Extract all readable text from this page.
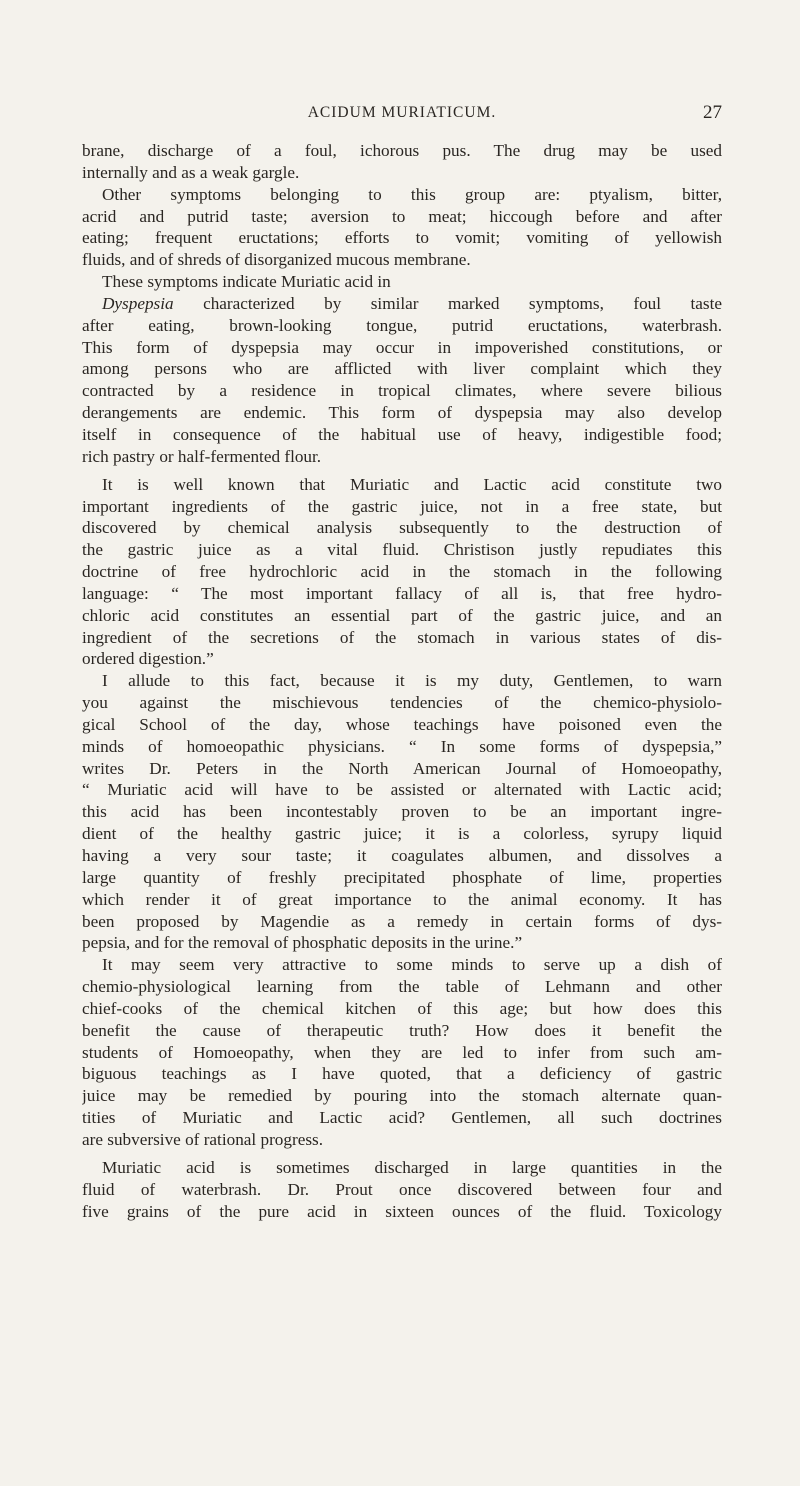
ACIDUM MURIATICUM.	27
brane, discharge of a foul, ichorous pus. The drug may be used
internally and as a weak gargle.
Other symptoms belonging to this group are: ptyalism, bitter,
acrid and putrid taste; aversion to meat; hiccough before and after
eating; frequent eructations; efforts to vomit; vomiting of yellowish
fluids, and of shreds of disorganized mucous membrane.
These symptoms indicate Muriatic acid in
Dyspepsia characterized by similar marked symptoms, foul taste
after eating, brown-looking tongue, putrid eructations, waterbrash.
This form of dyspepsia may occur in impoverished constitutions, or
among persons who are afflicted with liver complaint which they
contracted by a residence in tropical climates, where severe bilious
derangements are endemic. This form of dyspepsia may also develop
itself in consequence of the habitual use of heavy, indigestible food;
rich pastry or half-fermented flour.
It is well known that Muriatic and Lactic acid constitute two
important ingredients of the gastric juice, not in a free state, but
discovered by chemical analysis subsequently to the destruction of
the gastric juice as a vital fluid. Christison justly repudiates this
doctrine of free hydrochloric acid in the stomach in the following
language: “ The most important fallacy of all is, that free hydro-
chloric acid constitutes an essential part of the gastric juice, and an
ingredient of the secretions of the stomach in various states of dis-
ordered digestion.”
I allude to this fact, because it is my duty, Gentlemen, to warn
you against the mischievous tendencies of the chemico-physiolo-
gical School of the day, whose teachings have poisoned even the
minds of homoeopathic physicians. “ In some forms of dyspepsia,”
writes Dr. Peters in the North American Journal of Homoeopathy,
“ Muriatic acid will have to be assisted or alternated with Lactic acid;
this acid has been incontestably proven to be an important ingre-
dient of the healthy gastric juice; it is a colorless, syrupy liquid
having a very sour taste; it coagulates albumen, and dissolves a
large quantity of freshly precipitated phosphate of lime, properties
which render it of great importance to the animal economy. It has
been proposed by Magendie as a remedy in certain forms of dys-
pepsia, and for the removal of phosphatic deposits in the urine.”
It may seem very attractive to some minds to serve up a dish of
chemio-physiological learning from the table of Lehmann and other
chief-cooks of the chemical kitchen of this age; but how does this
benefit the cause of therapeutic truth? How does it benefit the
students of Homoeopathy, when they are led to infer from such am-
biguous teachings as I have quoted, that a deficiency of gastric
juice may be remedied by pouring into the stomach alternate quan-
tities of Muriatic and Lactic acid? Gentlemen, all such doctrines
are subversive of rational progress.
Muriatic acid is sometimes discharged in large quantities in the
fluid of waterbrash. Dr. Prout once discovered between four and
five grains of the pure acid in sixteen ounces of the fluid. Toxicology
